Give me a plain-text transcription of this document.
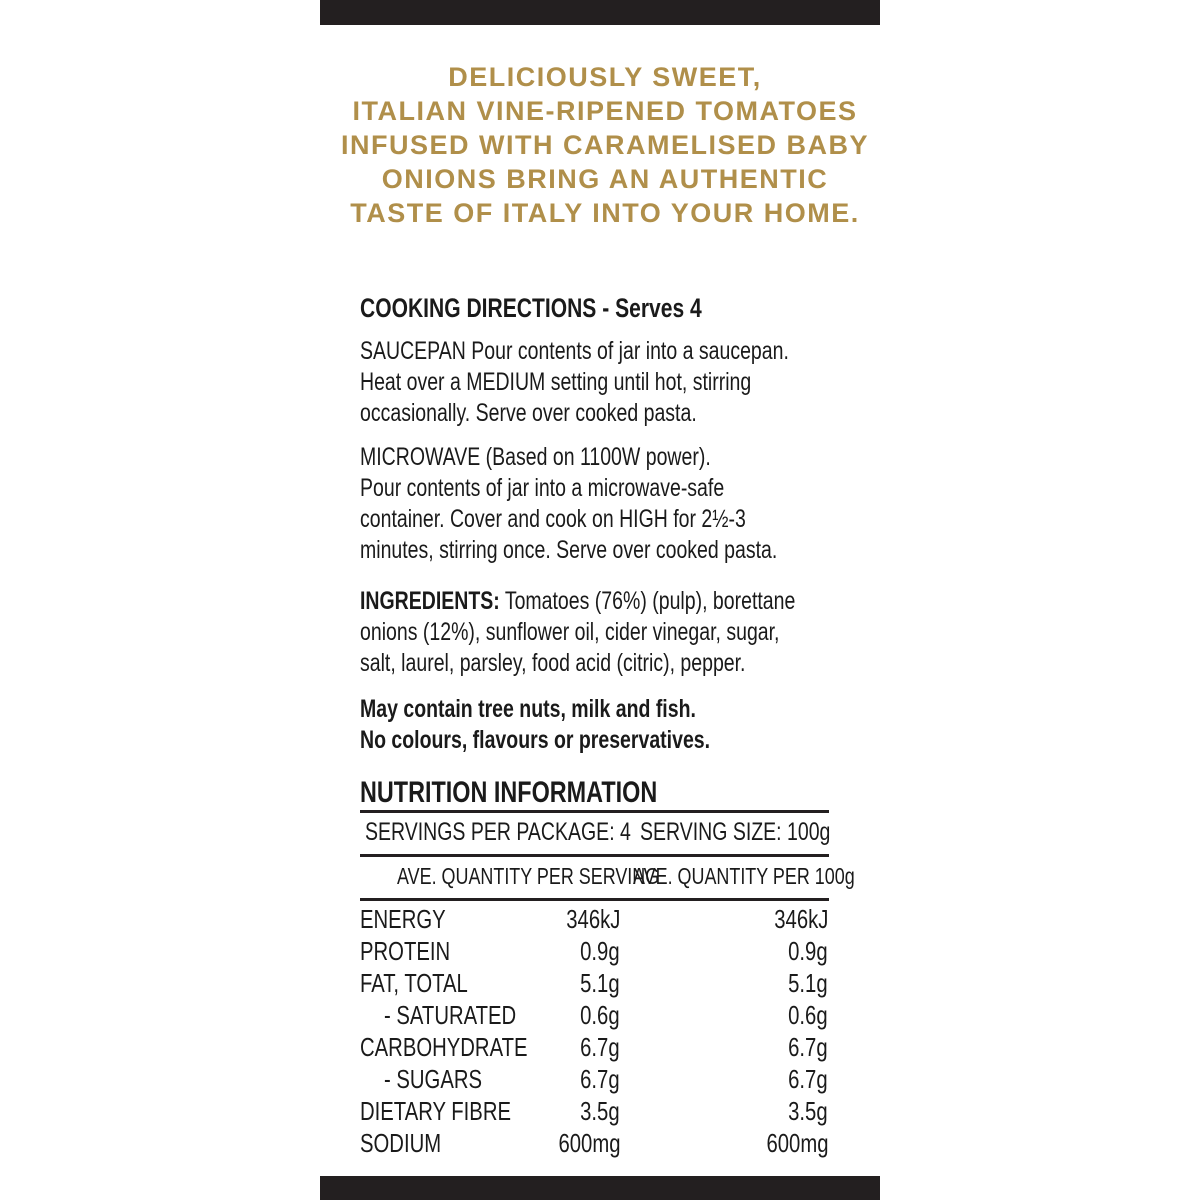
DELICIOUSLY SWEET,
ITALIAN VINE-RIPENED TOMATOES
INFUSED WITH CARAMELISED BABY
ONIONS BRING AN AUTHENTIC
TASTE OF ITALY INTO YOUR HOME.
COOKING DIRECTIONS - Serves 4
SAUCEPAN Pour contents of jar into a saucepan.
Heat over a MEDIUM setting until hot, stirring
occasionally. Serve over cooked pasta.
MICROWAVE (Based on 1100W power).
Pour contents of jar into a microwave-safe
container. Cover and cook on HIGH for 2½-3
minutes, stirring once. Serve over cooked pasta.
INGREDIENTS: Tomatoes (76%) (pulp), borettane
onions (12%), sunflower oil, cider vinegar, sugar,
salt, laurel, parsley, food acid (citric), pepper.
May contain tree nuts, milk and fish.
No colours, flavours or preservatives.
NUTRITION INFORMATION
SERVINGS PER PACKAGE: 4 SERVING SIZE: 100g
AVE. QUANTITY PER SERVING
AVE. QUANTITY PER 100g
ENERGY	346kJ	346kJ
PROTEIN	0.9g	0.9g
FAT, TOTAL	5.1g	5.1g
- SATURATED 0.6g	0.6g
CARBOHYDRATE 6.7g	6.7g
- SUGARS	6.7g	6.7g
DIETARY FIBRE	3.5g	3.5g
SODIUM	600mg	600mg
